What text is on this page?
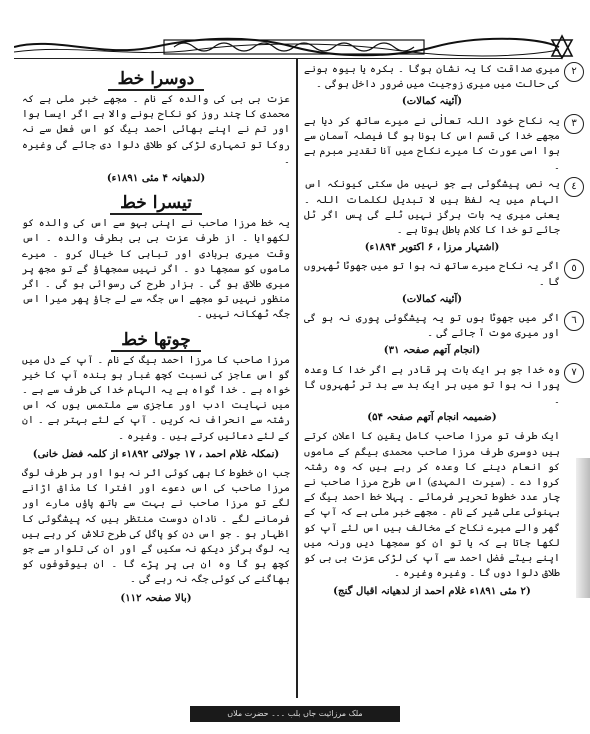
٢
میری صداقت کا یہ نشان ہوگا ۔ بکرہ یا بیوہ ہونے کی حالت میں میری زوجیت میں ضرور داخل ہوگی ۔
(آئینہ کمالات)
٣
یہ نکاح خود اللہ تعالٰی نے میرے ساتھ کر دیا ہے مجھے خدا کی قسم اس کا ہونا ہو گا فیصلہ آسمان سے ہوا اسی عورت کا میرے نکاح میں آنا تقدیر مبرم ہے ۔
٤
یہ نص پیشگوئی ہے جو نہیں مل سکتی کیونکہ اس الہام میں یہ لفظ ہیں لا تبدیل لکلمات اللہ ۔ یعنی میری یہ بات ہرگز نہیں ٹلے گی پس اگر ٹل جائے تو خدا کا کلام باطل ہوتا ہے ۔
(اشتہار مرزا ، ۶ اکتوبر ۱۸۹۴ء)
٥
اگر یہ نکاح میرے ساتھ نہ ہوا تو میں جھوٹا ٹھہروں گا ۔
(آئینہ کمالات)
٦
اگر میں جھوٹا ہوں تو یہ پیشگوئی پوری نہ ہو گی اور میری موت آ جائے گی ۔
(انجام آتھم صفحہ ۳۱)
٧
وہ خدا جو ہر ایک بات پر قادر ہے اگر خدا کا وعدہ پورا نہ ہوا تو میں ہر ایک بد سے بد تر ٹھہروں گا ۔
(ضمیمہ انجام آتھم صفحہ ۵۴)
ایک طرف تو مرزا صاحب کامل یقین کا اعلان کرتے ہیں دوسری طرف مرزا صاحب محمدی بیگم کے ماموں کو انعام دینے کا وعدہ کر رہے ہیں کہ وہ رشتہ کروا دے ۔ (سیرت المہدی) اس طرح مرزا صاحب نے چار عدد خطوط تحریر فرمائے ۔ پہلا خط احمد بیگ کے بہنوئی علی شیر کے نام ۔ مجھے خبر ملی ہے کہ آپ کے گھر والے میرے نکاح کے مخالف ہیں اس لئے آپ کو لکھا جاتا ہے کہ یا تو ان کو سمجھا دیں ورنہ میں اپنے بیٹے فضل احمد سے آپ کی لڑکی عزت بی بی کو طلاق دلوا دوں گا ۔ وغیرہ وغیرہ ۔
(۲ مئی ۱۸۹۱ء غلام احمد از لدھیانہ اقبال گنج)
دوسرا خط
عزت بی بی کی والدہ کے نام ۔ مجھے خبر ملی ہے کہ محمدی کا چند روز کو نکاح ہونے والا ہے اگر ایسا ہوا اور تم نے اپنے بھائی احمد بیگ کو اس فعل سے نہ روکا تو تمہاری لڑکی کو طلاق دلوا دی جائے گی وغیرہ ۔
(لدھیانہ ۴ مئی ۱۸۹۱ء)
تیسرا خط
یہ خط مرزا صاحب نے اپنی بہو سے اس کی والدہ کو لکھوایا ۔ از طرف عزت بی بی بطرف والدہ ۔ اس وقت میری بربادی اور تباہی کا خیال کرو ۔ میرے ماموں کو سمجھا دو ۔ اگر نہیں سمجھاؤ گے تو مجھ پر میری طلاق ہو گی ۔ ہزار طرح کی رسوائی ہو گی ۔ اگر منظور نہیں تو مجھے اس جگہ سے لے جاؤ پھر میرا اس جگہ ٹھکانہ نہیں ۔
چوتھا خط
مرزا صاحب کا مرزا احمد بیگ کے نام ۔ آپ کے دل میں گو اس عاجز کی نسبت کچھ غبار ہو بندہ آپ کا خیر خواہ ہے ۔ خدا گواہ ہے یہ الہام خدا کی طرف سے ہے ۔ میں نہایت ادب اور عاجزی سے ملتمس ہوں کہ اس رشتہ سے انحراف نہ کریں ۔ آپ کے لئے بہتر ہے ۔ ان کے لئے دعائیں کرتے ہیں ۔ وغیرہ ۔
(نمکلہ غلام احمد ، ۱۷ جولائی ۱۸۹۲ء از کلمہ فضل خانی)
جب ان خطوط کا بھی کوئی اثر نہ ہوا اور ہر طرف لوگ مرزا صاحب کی اس دعوے اور افترا کا مذاق اڑانے لگے تو مرزا صاحب نے بہت سے ہاتھ پاؤں مارے اور فرمانے لگے ۔ نادان دوست منتظر ہیں کہ پیشگوئی کا اظہار ہو ۔ جو اس دن کو پاگل کی طرح تلاش کر رہے ہیں یہ لوگ ہرگز دیکھ نہ سکیں گے اور ان کی تلوار سے جو کچھ ہو گا وہ ان ہی پر پڑے گا ۔ ان بیوقوفوں کو بھاگنے کی کوئی جگہ نہ رہے گی ۔
(بالا صفحہ ۱۱۲)
ملک مرزائیت جاں بلب ۔۔۔ حضرت ملاں
